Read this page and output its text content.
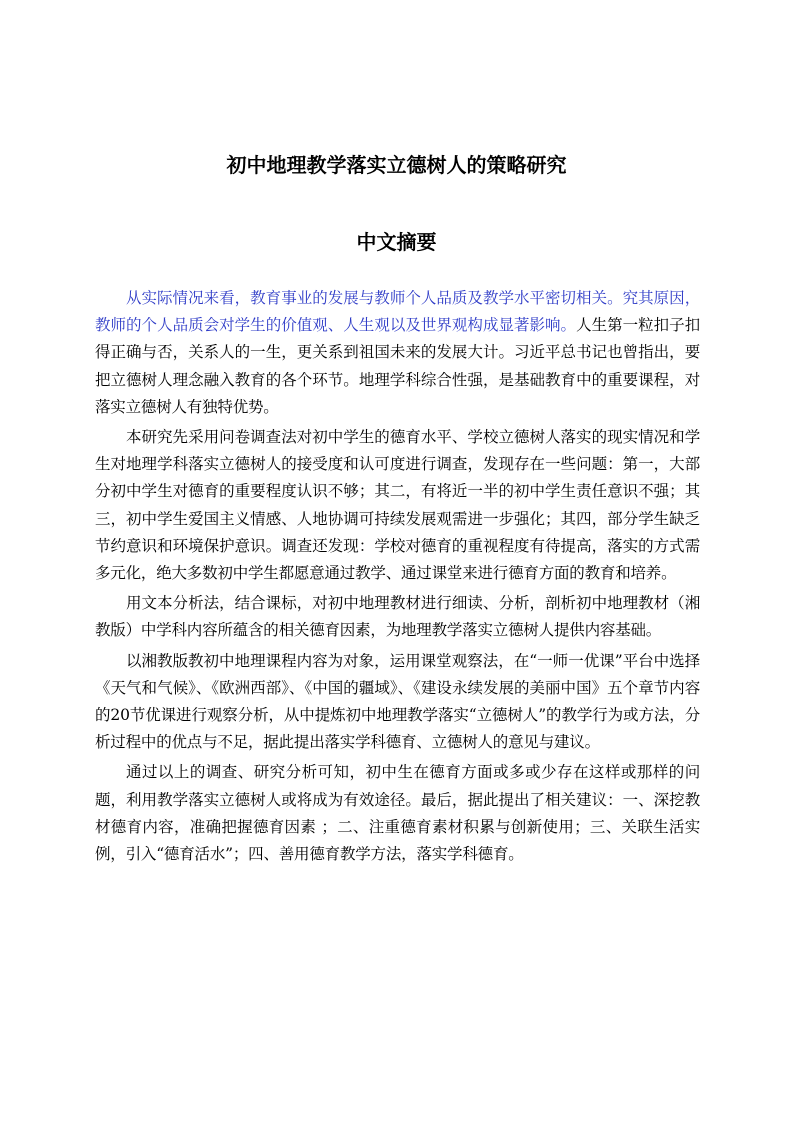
初中地理教学落实立德树人的策略研究
中文摘要

从实际情况来看，教育事业的发展与教师个人品质及教学水平密切相关。究其原因，教师的个人品质会对学生的价值观、人生观以及世界观构成显著影响。人生第一粒扣子扣得正确与否，关系人的一生，更关系到祖国未来的发展大计。习近平总书记也曾指出，要把立德树人理念融入教育的各个环节。地理学科综合性强，是基础教育中的重要课程，对落实立德树人有独特优势。

本研究先采用问卷调查法对初中学生的德育水平、学校立德树人落实的现实情况和学生对地理学科落实立德树人的接受度和认可度进行调查，发现存在一些问题：第一，大部分初中学生对德育的重要程度认识不够；其二，有将近一半的初中学生责任意识不强；其三，初中学生爱国主义情感、人地协调可持续发展观需进一步强化；其四，部分学生缺乏节约意识和环境保护意识。调查还发现：学校对德育的重视程度有待提高，落实的方式需多元化，绝大多数初中学生都愿意通过教学、通过课堂来进行德育方面的教育和培养。

用文本分析法，结合课标，对初中地理教材进行细读、分析，剖析初中地理教材（湘教版）中学科内容所蕴含的相关德育因素，为地理教学落实立德树人提供内容基础。

以湘教版教初中地理课程内容为对象，运用课堂观察法，在“一师一优课”平台中选择《天气和气候》、《欧洲西部》、《中国的疆域》、《建设永续发展的美丽中国》五个章节内容的20节优课进行观察分析，从中提炼初中地理教学落实“立德树人”的教学行为或方法，分析过程中的优点与不足，据此提出落实学科德育、立德树人的意见与建议。

通过以上的调查、研究分析可知，初中生在德育方面或多或少存在这样或那样的问题，利用教学落实立德树人或将成为有效途径。最后，据此提出了相关建议：一、深挖教材德育内容，准确把握德育因素 ；二、注重德育素材积累与创新使用；三、关联生活实例，引入“德育活水”；四、善用德育教学方法，落实学科德育。
